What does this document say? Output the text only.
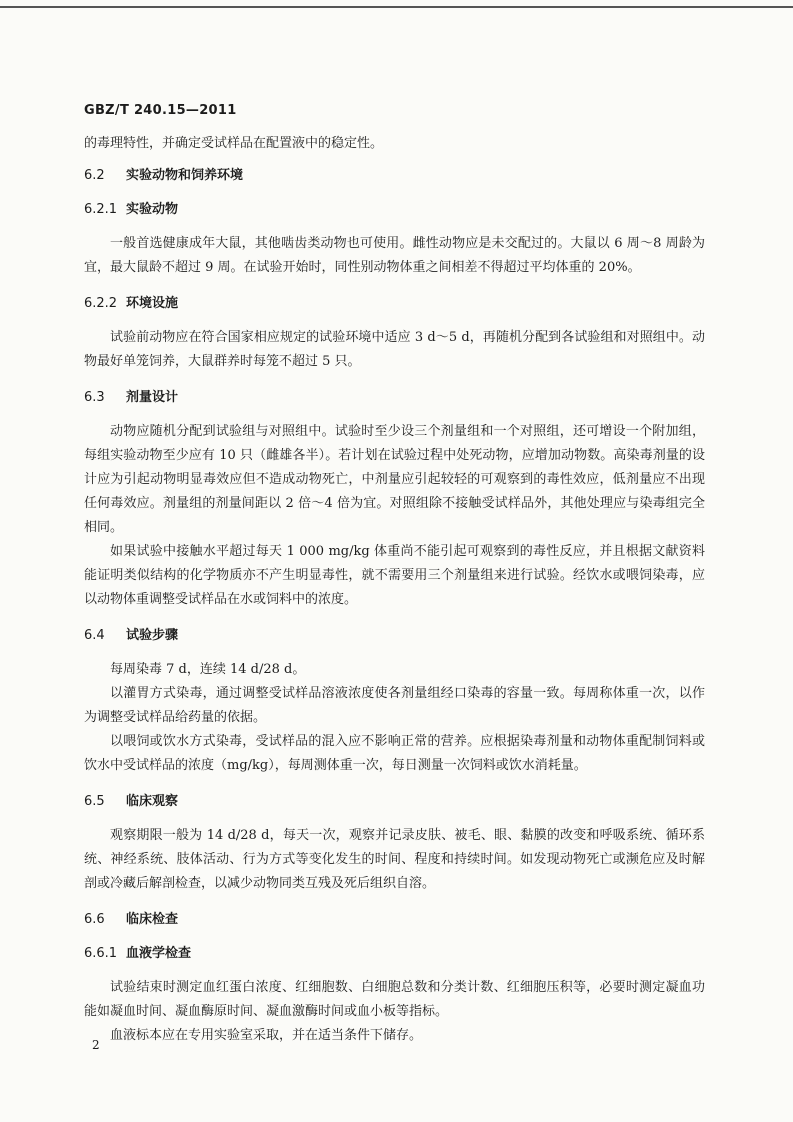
GBZ/T 240.15—2011

的毒理特性，并确定受试样品在配置液中的稳定性。

6.2 实验动物和饲养环境

6.2.1 实验动物

一般首选健康成年大鼠，其他啮齿类动物也可使用。雌性动物应是未交配过的。大鼠以 6 周～8 周龄为宜，最大鼠龄不超过 9 周。在试验开始时，同性别动物体重之间相差不得超过平均体重的 20%。

6.2.2 环境设施

试验前动物应在符合国家相应规定的试验环境中适应 3 d～5 d，再随机分配到各试验组和对照组中。动物最好单笼饲养，大鼠群养时每笼不超过 5 只。

6.3 剂量设计

动物应随机分配到试验组与对照组中。试验时至少设三个剂量组和一个对照组，还可增设一个附加组，每组实验动物至少应有 10 只（雌雄各半）。若计划在试验过程中处死动物，应增加动物数。高染毒剂量的设计应为引起动物明显毒效应但不造成动物死亡，中剂量应引起较轻的可观察到的毒性效应，低剂量应不出现任何毒效应。剂量组的剂量间距以 2 倍～4 倍为宜。对照组除不接触受试样品外，其他处理应与染毒组完全相同。

如果试验中接触水平超过每天 1 000 mg/kg 体重尚不能引起可观察到的毒性反应，并且根据文献资料能证明类似结构的化学物质亦不产生明显毒性，就不需要用三个剂量组来进行试验。经饮水或喂饲染毒，应以动物体重调整受试样品在水或饲料中的浓度。

6.4 试验步骤

每周染毒 7 d，连续 14 d/28 d。

以灌胃方式染毒，通过调整受试样品溶液浓度使各剂量组经口染毒的容量一致。每周称体重一次，以作为调整受试样品给药量的依据。

以喂饲或饮水方式染毒，受试样品的混入应不影响正常的营养。应根据染毒剂量和动物体重配制饲料或饮水中受试样品的浓度（mg/kg），每周测体重一次，每日测量一次饲料或饮水消耗量。

6.5 临床观察

观察期限一般为 14 d/28 d，每天一次，观察并记录皮肤、被毛、眼、黏膜的改变和呼吸系统、循环系统、神经系统、肢体活动、行为方式等变化发生的时间、程度和持续时间。如发现动物死亡或濒危应及时解剖或冷藏后解剖检查，以减少动物同类互残及死后组织自溶。

6.6 临床检查

6.6.1 血液学检查

试验结束时测定血红蛋白浓度、红细胞数、白细胞总数和分类计数、红细胞压积等，必要时测定凝血功能如凝血时间、凝血酶原时间、凝血激酶时间或血小板等指标。

血液标本应在专用实验室采取，并在适当条件下储存。

2
